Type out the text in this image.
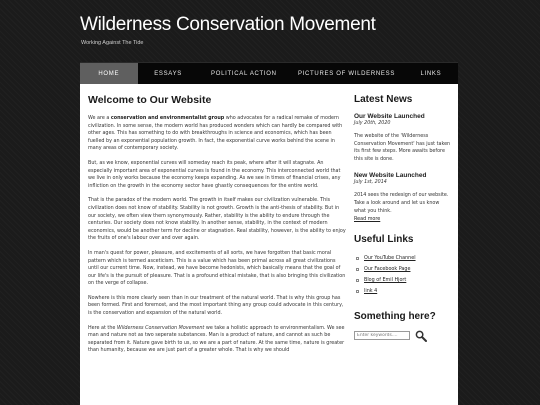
Wilderness Conservation Movement
Working Against The Tide
HOME	ESSAYS	POLITICAL ACTION	PICTURES OF WILDERNESS	LINKS
Welcome to Our Website

We are a conservation and environmentalist group who advocates for a radical remake of modern civilization. In some sense, the modern world has produced wonders which can hardly be compared with other ages. This has something to do with breakthroughs in science and economics, which has been fuelled by an exponential population growth. In fact, the exponential curve works behind the scene in many areas of contemporary society.

But, as we know, exponential curves will someday reach its peak, where after it will stagnate. An especially important area of exponential curves is found in the economy. This interconnected world that we live in only works because the economy keeps expanding. As we see in times of financial crises, any infliction on the growth in the economy sector have ghastly consequences for the entire world.

That is the paradox of the modern world. The growth in itself makes our civilization vulnerable. This civilization does not know of stability. Stability is not growth. Growth is the anti-thesis of stability. But in our society, we often view them synonymously. Rather, stability is the ability to endure through the centuries. Our society does not know stability. In another sense, stability, in the context of modern economics, would be another term for decline or stagnation. Real stability, however, is the ability to enjoy the fruits of one's labour over and over again.

In man's quest for power, pleasure, and excitements of all sorts, we have forgotten that basic moral pattern which is termed asceticism. This is a value which has been primal across all great civilizations until our current time. Now, instead, we have become hedonists, which basically means that the goal of our life's is the pursuit of pleasure. That is a profound ethical mistake, that is also bringing this civilization on the verge of collapse.

Nowhere is this more clearly seen than in our treatment of the natural world. That is why this group has been formed. First and foremost, and the most important thing any group could advocate in this century, is the conservation and expansion of the natural world.

Here at the Wilderness Conservation Movement we take a holistic approach to environmentalism. We see man and nature not as two seperate substances. Man is a product of nature, and cannot as such be separated from it. Nature gave birth to us, so we are a part of nature. At the same time, nature is greater than humanity, because we are just part of a greater whole. That is why we should

Latest News
Our Website Launched
July 20th, 2020

The website of the 'Wilderness Conservation Movement' has just taken its first few steps. More awaits before this site is done.

New Website Launched
July 1st, 2014

2014 sees the redesign of our website. Take a look around and let us know what you think.

Read more
Useful Links
Our YouTube Channel
Our Facebook Page
Blog of Emil Hjort
link 4
Something here?
Enter keywords....
